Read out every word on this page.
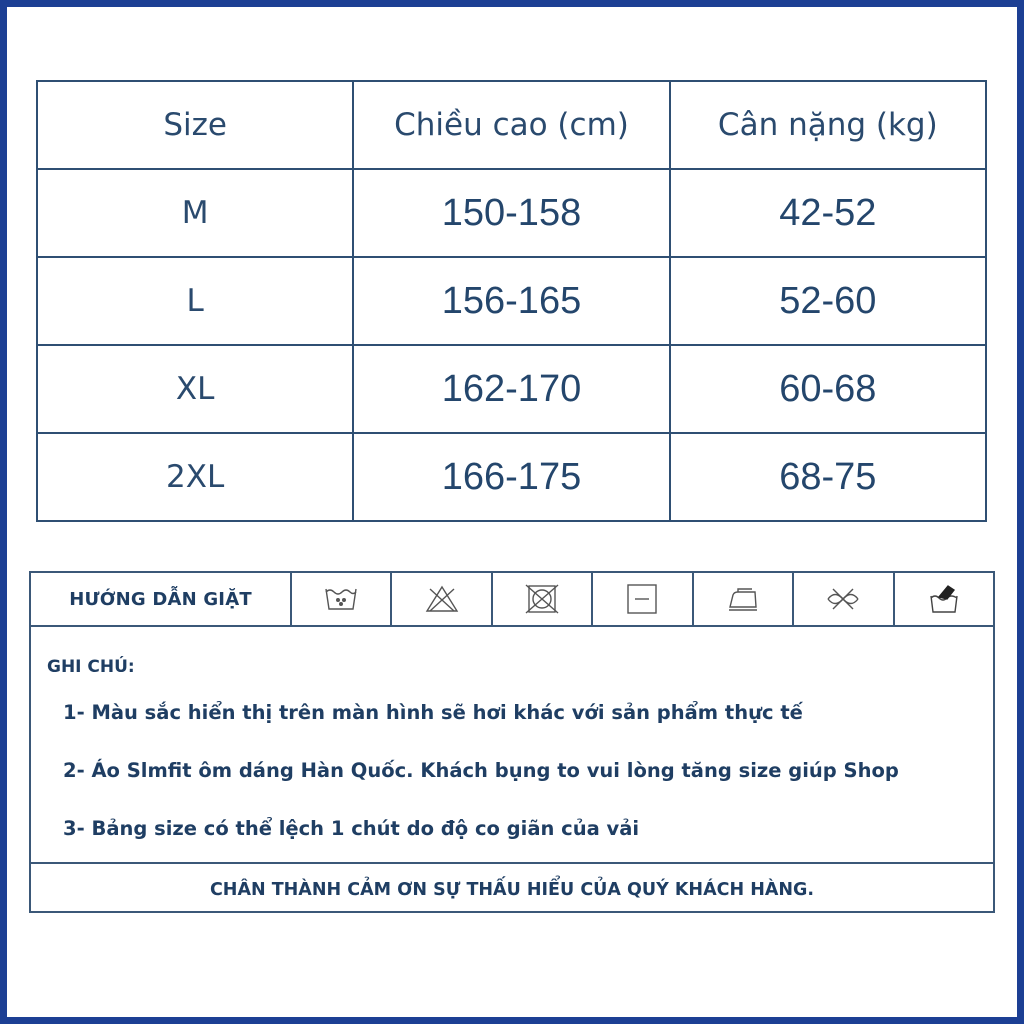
Size	Chiều cao (cm)	Cân nặng (kg)
M	150-158	42-52
L	156-165	52-60
XL	162-170	60-68
2XL	166-175	68-75
HƯỚNG DẪN GIẶT
GHI CHÚ:
1- Màu sắc hiển thị trên màn hình sẽ hơi khác với sản phẩm thực tế
2- Áo Slmfit ôm dáng Hàn Quốc. Khách bụng to vui lòng tăng size giúp Shop
3- Bảng size có thể lệch 1 chút do độ co giãn của vải
CHÂN THÀNH CẢM ƠN SỰ THẤU HIỂU CỦA QUÝ KHÁCH HÀNG.
